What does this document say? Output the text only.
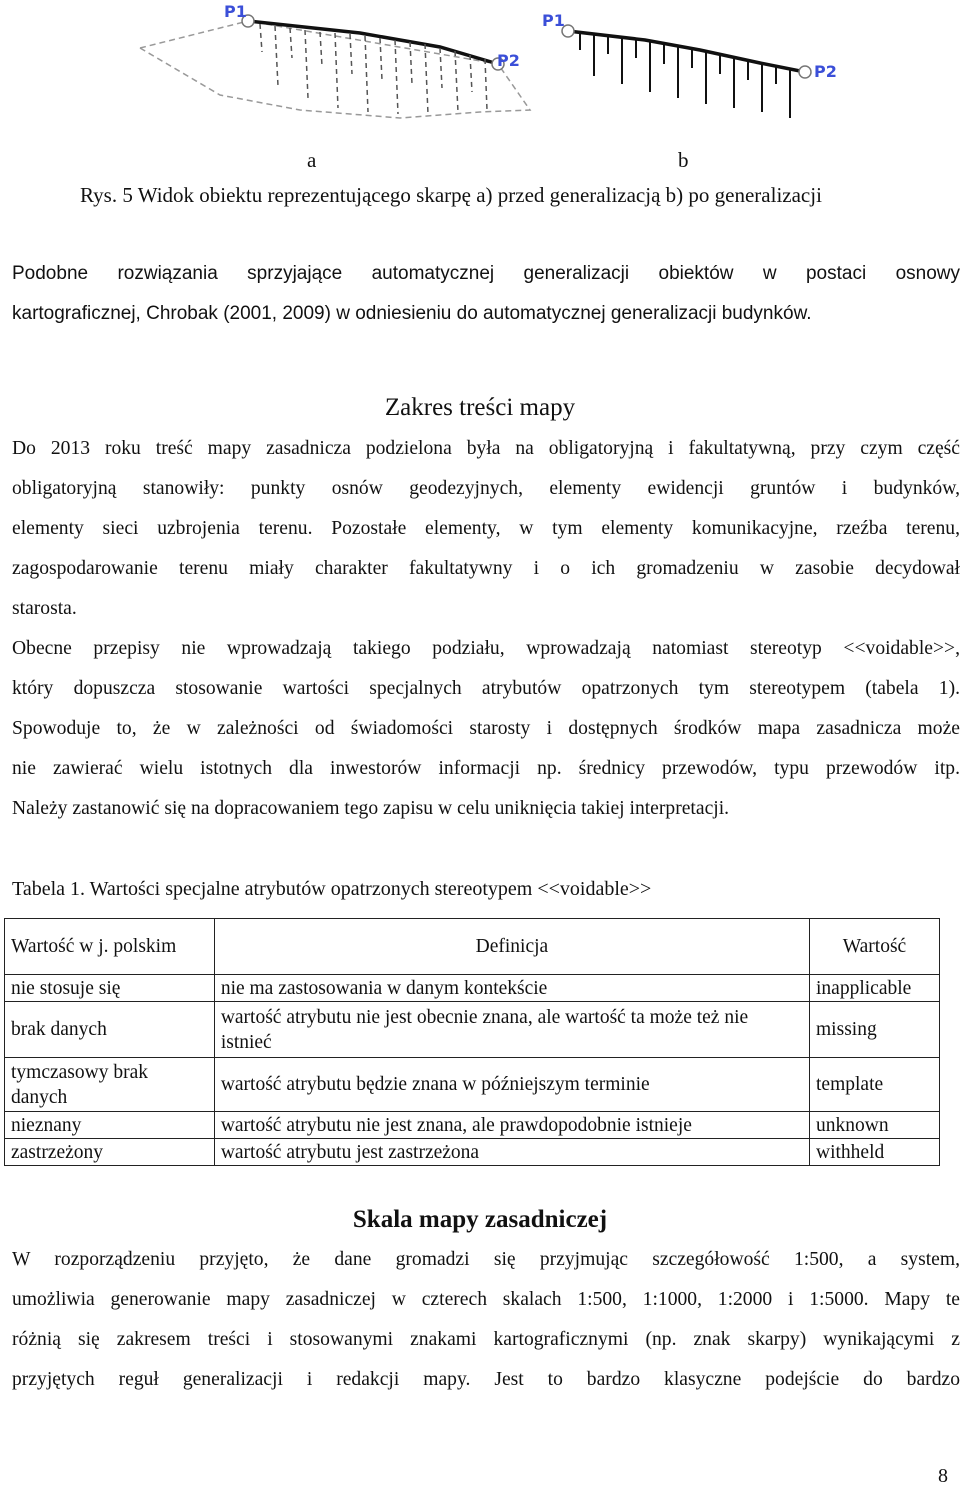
P1
P2
P1
P2
a	b
Rys. 5 Widok obiektu reprezentującego skarpę a) przed generalizacją b) po generalizacji
Podobne rozwiązania sprzyjające automatycznej generalizacji obiektów w postaci osnowy
kartograficznej, Chrobak (2001, 2009) w odniesieniu do automatycznej generalizacji budynków.
Zakres treści mapy
Do 2013 roku treść mapy zasadnicza podzielona była na obligatoryjną i fakultatywną, przy czym część
obligatoryjną stanowiły: punkty osnów geodezyjnych, elementy ewidencji gruntów i budynków,
elementy sieci uzbrojenia terenu. Pozostałe elementy, w tym elementy komunikacyjne, rzeźba terenu,
zagospodarowanie terenu miały charakter fakultatywny i o ich gromadzeniu w zasobie decydował
starosta.
Obecne przepisy nie wprowadzają takiego podziału, wprowadzają natomiast stereotyp <<voidable>>,
który dopuszcza stosowanie wartości specjalnych atrybutów opatrzonych tym stereotypem (tabela 1).
Spowoduje to, że w zależności od świadomości starosty i dostępnych środków mapa zasadnicza może
nie zawierać wielu istotnych dla inwestorów informacji np. średnicy przewodów, typu przewodów itp.
Należy zastanowić się na dopracowaniem tego zapisu w celu uniknięcia takiej interpretacji.
Tabela 1. Wartości specjalne atrybutów opatrzonych stereotypem <<voidable>>
Wartość w j. polskim	Definicja	Wartość
nie stosuje się	nie ma zastosowania w danym kontekście	inapplicable
brak danych	wartość atrybutu nie jest obecnie znana, ale wartość ta może też nie istnieć	missing
tymczasowy brak danych	wartość atrybutu będzie znana w późniejszym terminie	template
nieznany	wartość atrybutu nie jest znana, ale prawdopodobnie istnieje	unknown
zastrzeżony	wartość atrybutu jest zastrzeżona	withheld
Skala mapy zasadniczej
W rozporządzeniu przyjęto, że dane gromadzi się przyjmując szczegółowość 1:500, a system,
umożliwia generowanie mapy zasadniczej w czterech skalach 1:500, 1:1000, 1:2000 i 1:5000. Mapy te
różnią się zakresem treści i stosowanymi znakami kartograficznymi (np. znak skarpy) wynikającymi z
przyjętych reguł generalizacji i redakcji mapy. Jest to bardzo klasyczne podejście do bardzo
8
